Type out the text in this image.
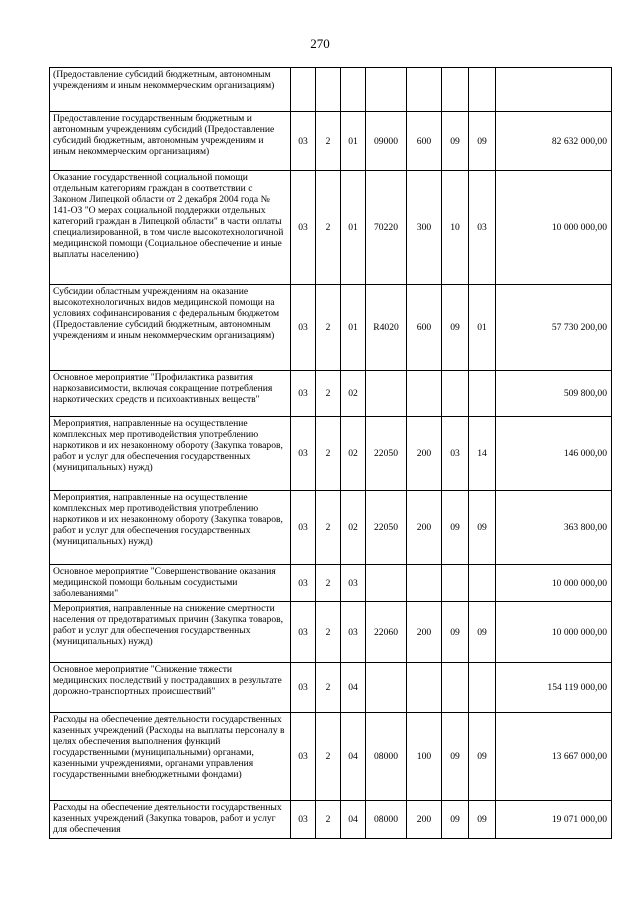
270
(Предоставление субсидий бюджетным, автономным учреждениям и иным некоммерческим организациям)								
Предоставление государственным бюджетным и автономным учреждениям субсидий (Предоставление субсидий бюджетным, автономным учреждениям и иным некоммерческим организациям)	03	2	01	09000	600	09	09	82 632 000,00
Оказание государственной социальной помощи отдельным категориям граждан в соответствии с Законом Липецкой области от 2 декабря 2004 года № 141-ОЗ "О мерах социальной поддержки отдельных категорий граждан в Липецкой области" в части оплаты специализированной, в том числе высокотехнологичной медицинской помощи (Социальное обеспечение и иные выплаты населению)	03	2	01	70220	300	10	03	10 000 000,00
Субсидии областным учреждениям на оказание высокотехнологичных видов медицинской помощи на условиях софинансирования с федеральным бюджетом (Предоставление субсидий бюджетным, автономным учреждениям и иным некоммерческим организациям)	03	2	01	R4020	600	09	01	57 730 200,00
Основное мероприятие "Профилактика развития наркозависимости, включая сокращение потребления наркотических средств и психоактивных веществ"	03	2	02					509 800,00
Мероприятия, направленные на осуществление комплексных мер противодействия употреблению наркотиков и их незаконному обороту (Закупка товаров, работ и услуг для обеспечения государственных (муниципальных) нужд)	03	2	02	22050	200	03	14	146 000,00
Мероприятия, направленные на осуществление комплексных мер противодействия употреблению наркотиков и их незаконному обороту (Закупка товаров, работ и услуг для обеспечения государственных (муниципальных) нужд)	03	2	02	22050	200	09	09	363 800,00
Основное мероприятие "Совершенствование оказания медицинской помощи больным сосудистыми заболеваниями"	03	2	03					10 000 000,00
Мероприятия, направленные на снижение смертности населения от предотвратимых причин (Закупка товаров, работ и услуг для обеспечения государственных (муниципальных) нужд)	03	2	03	22060	200	09	09	10 000 000,00
Основное мероприятие "Снижение тяжести медицинских последствий у пострадавших в результате дорожно-транспортных происшествий"	03	2	04					154 119 000,00
Расходы на обеспечение деятельности государственных казенных учреждений (Расходы на выплаты персоналу в целях обеспечения выполнения функций государственными (муниципальными) органами, казенными учреждениями, органами управления государственными внебюджетными фондами)	03	2	04	08000	100	09	09	13 667 000,00
Расходы на обеспечение деятельности государственных казенных учреждений (Закупка товаров, работ и услуг для обеспечения	03	2	04	08000	200	09	09	19 071 000,00
